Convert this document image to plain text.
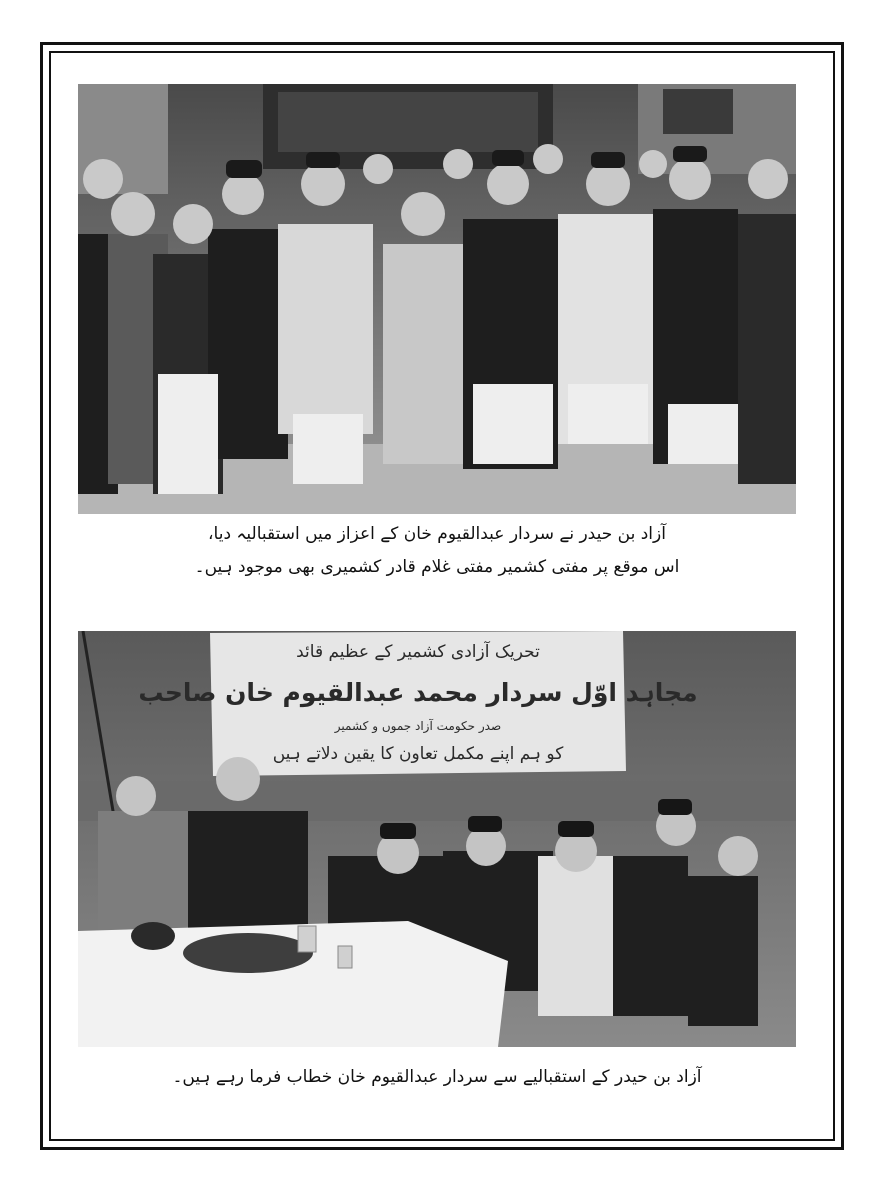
آزاد بن حیدر نے سردار عبدالقیوم خان کے اعزاز میں استقبالیہ دیا،
اس موقع پر مفتی کشمیر مفتی غلام قادر کشمیری بھی موجود ہیں۔
تحریک آزادی کشمیر کے عظیم قائد
مجاہد اوّل سردار محمد عبدالقیوم خان صاحب
صدر حکومت آزاد جموں و کشمیر
کو ہم اپنے مکمل تعاون کا یقین دلاتے ہیں
آزاد بن حیدر کے استقبالیے سے سردار عبدالقیوم خان خطاب فرما رہے ہیں۔
